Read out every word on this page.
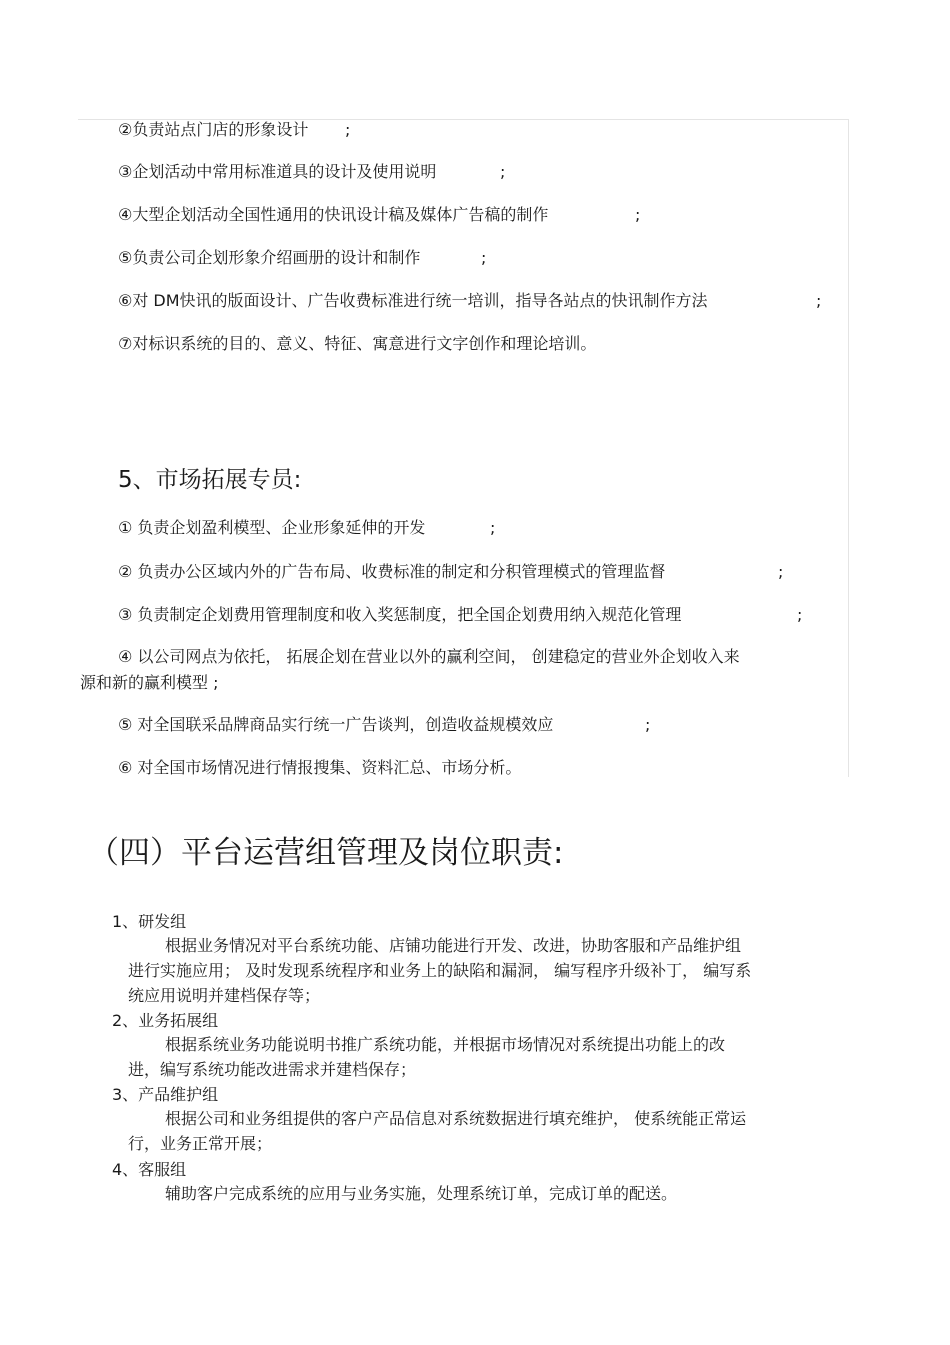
②负责站点门店的形象设计 ;
③企划活动中常用标准道具的设计及使用说明	;
④大型企划活动全国性通用的快讯设计稿及媒体广告稿的制作	;
⑤负责公司企划形象介绍画册的设计和制作	;
⑥对 DM快讯的版面设计、广告收费标准进行统一培训，指导各站点的快讯制作方法	;
⑦对标识系统的目的、意义、特征、寓意进行文字创作和理论培训。
5、市场拓展专员:
① 负责企划盈利模型、企业形象延伸的开发	;
② 负责办公区域内外的广告布局、收费标准的制定和分积管理模式的管理监督	;
③ 负责制定企划费用管理制度和收入奖惩制度，把全国企划费用纳入规范化管理	;
④ 以公司网点为依托， 拓展企划在营业以外的赢利空间， 创建稳定的营业外企划收入来
源和新的赢利模型 ;
⑤ 对全国联采品牌商品实行统一广告谈判，创造收益规模效应	;
⑥ 对全国市场情况进行情报搜集、资料汇总、市场分析。
（四）平台运营组管理及岗位职责:
1、研发组
根据业务情况对平台系统功能、店铺功能进行开发、改进，协助客服和产品维护组
进行实施应用； 及时发现系统程序和业务上的缺陷和漏洞， 编写程序升级补丁， 编写系
统应用说明并建档保存等；
2、业务拓展组
根据系统业务功能说明书推广系统功能，并根据市场情况对系统提出功能上的改
进，编写系统功能改进需求并建档保存；
3、产品维护组
根据公司和业务组提供的客户产品信息对系统数据进行填充维护， 使系统能正常运
行，业务正常开展；
4、客服组
辅助客户完成系统的应用与业务实施，处理系统订单，完成订单的配送。
